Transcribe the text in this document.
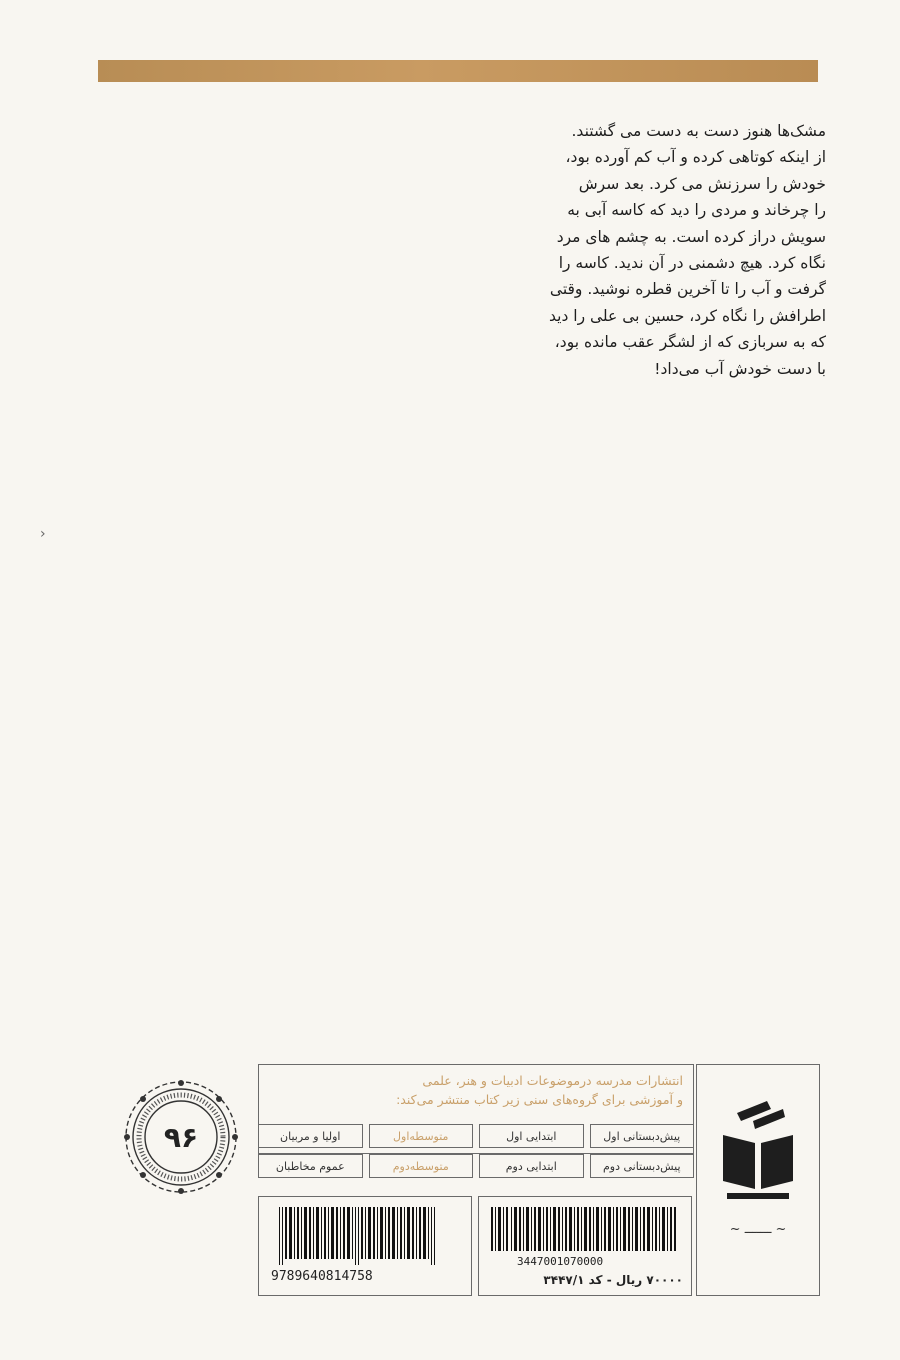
مشک‌ها هنوز دست به دست می گشتند.

از اینکه کوتاهی کرده و آب کم آورده بود،

خودش را سرزنش می کرد. بعد سرش

را چرخاند و مردی را دید که کاسه آبی به

سویش دراز کرده است. به چشم های مرد

نگاه کرد. هیچ دشمنی در آن ندید. کاسه را

گرفت و آب را تا آخرین قطره نوشید. وقتی

اطرافش را نگاه کرد، حسین بی علی را دید

که به سربازی که از لشگر عقب مانده بود،

با دست خودش آب می‌داد!

›
۹۶

انتشارات مدرسه درموضوعات ادبیات و هنر، علمی

و آموزشی برای گروه‌های سنی زیر کتاب منتشر می‌کند:

پیش‌دبستانی اول
ابتدایی اول
متوسطه‌اول
اولیا و مربیان
پیش‌دبستانی دوم
ابتدایی دوم
متوسطه‌دوم
عموم مخاطبان
~ ـــــــ ~
3447001070000
۷۰۰۰۰ ریال - کد ۳۴۴۷/۱
9789640814758
